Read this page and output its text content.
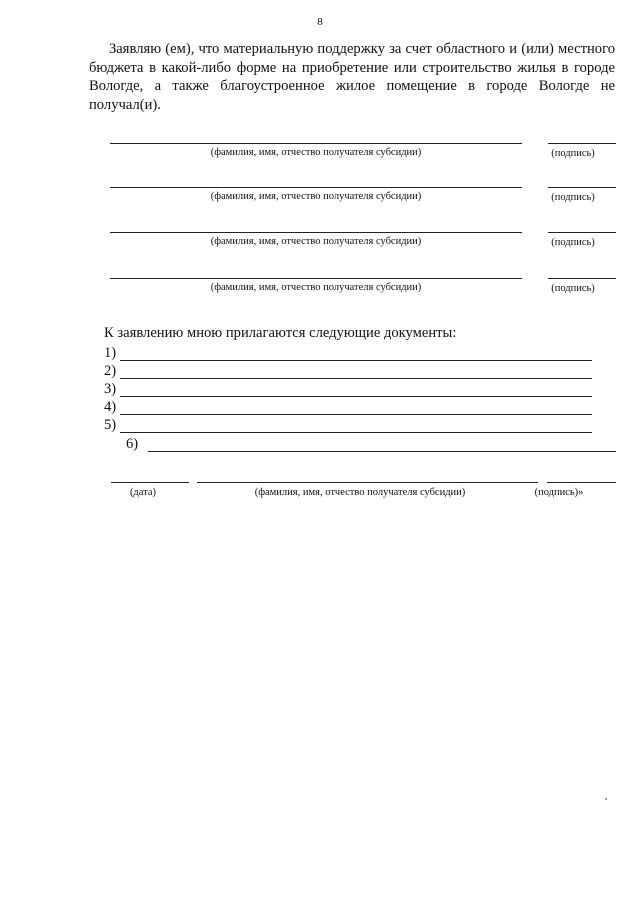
8

Заявляю (ем), что материальную поддержку за счет областного и (или) местного бюджета в какой-либо форме на приобретение или строительство жилья в городе Вологде, а также благоустроенное жилое помещение в городе Вологде не получал(и).

(фамилия, имя, отчество получателя субсидии)	(подпись)
(фамилия, имя, отчество получателя субсидии)	(подпись)
(фамилия, имя, отчество получателя субсидии)	(подпись)
(фамилия, имя, отчество получателя субсидии)	(подпись)
К заявлению мною прилагаются следующие документы:
1)
2)
3)
4)
5)
6)
(дата)	(фамилия, имя, отчество получателя субсидии)	(подпись)»
